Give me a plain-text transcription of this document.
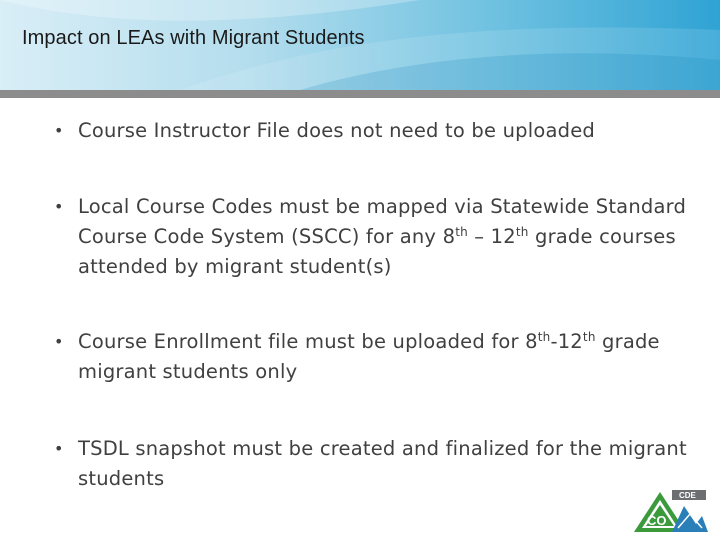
Impact on LEAs with Migrant Students
• Course Instructor File does not need to be uploaded
• Local Course Codes must be mapped via Statewide Standard Course Code System (SSCC) for any 8th – 12th grade courses attended by migrant student(s)
• Course Enrollment file must be uploaded for 8th-12th grade migrant students only
• TSDL snapshot must be created and finalized for the migrant students
CO
CDE
